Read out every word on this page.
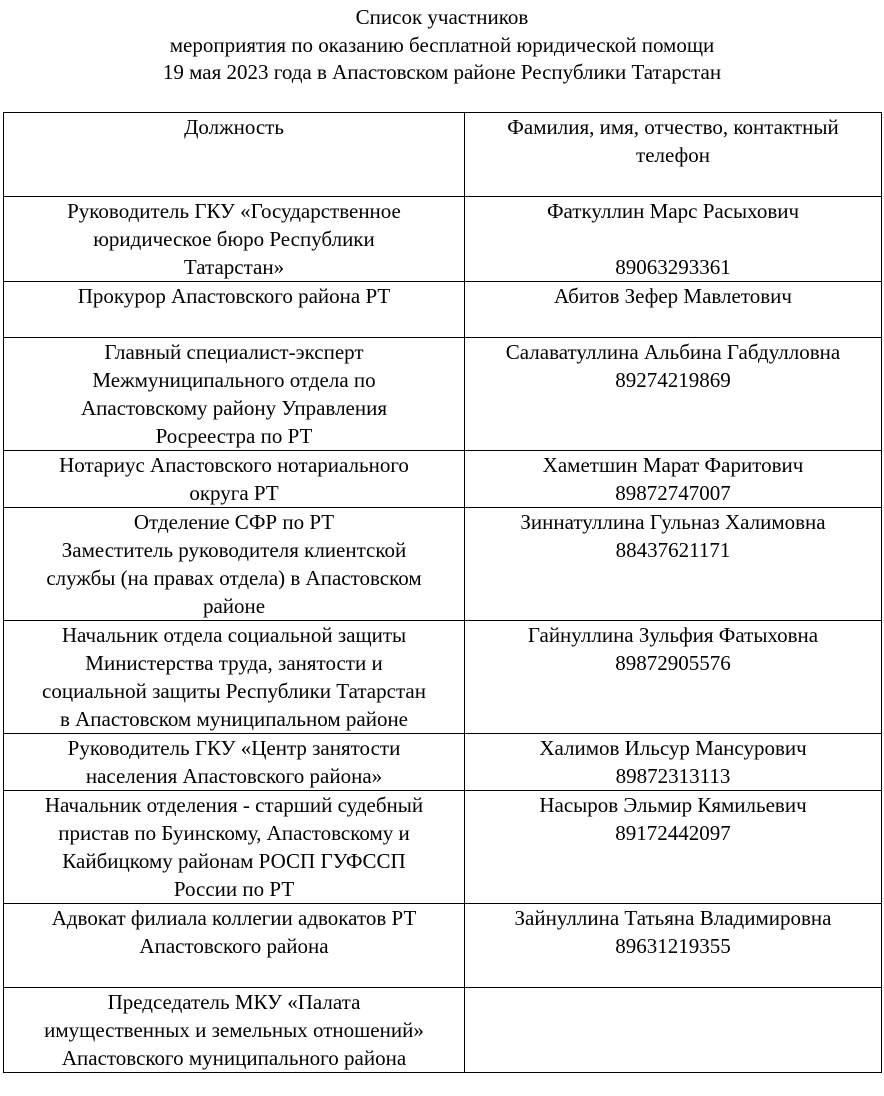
Список участников
мероприятия по оказанию бесплатной юридической помощи
19 мая 2023 года в Апастовском районе Республики Татарстан
Должность	Фамилия, имя, отчество, контактный
телефон

Руководитель ГКУ «Государственное
юридическое бюро Республики
Татарстан»	Фаткуллин Марс Расыхович
89063293361

Прокурор Апастовского района РТ	Абитов Зефер Мавлетович

Главный специалист-эксперт
Межмуниципального отдела по
Апастовскому району Управления
Росреестра по РТ	Салаватуллина Альбина Габдулловна
89274219869

Нотариус Апастовского нотариального
округа РТ	Хаметшин Марат Фаритович
89872747007

Отделение СФР по РТ
Заместитель руководителя клиентской
службы (на правах отдела) в Апастовском
районе	Зиннатуллина Гульназ Халимовна
88437621171

Начальник отдела социальной защиты
Министерства труда, занятости и
социальной защиты Республики Татарстан
в Апастовском муниципальном районе	Гайнуллина Зульфия Фатыховна
89872905576

Руководитель ГКУ «Центр занятости
населения Апастовского района»	Халимов Ильсур Мансурович
89872313113

Начальник отделения - старший судебный
пристав по Буинскому, Апастовскому и
Кайбицкому районам РОСП ГУФССП
России по РТ	Насыров Эльмир Кямильевич
89172442097

Адвокат филиала коллегии адвокатов РТ
Апастовского района	Зайнуллина Татьяна Владимировна
89631219355

Председатель МКУ «Палата
имущественных и земельных отношений»
Апастовского муниципального района	
